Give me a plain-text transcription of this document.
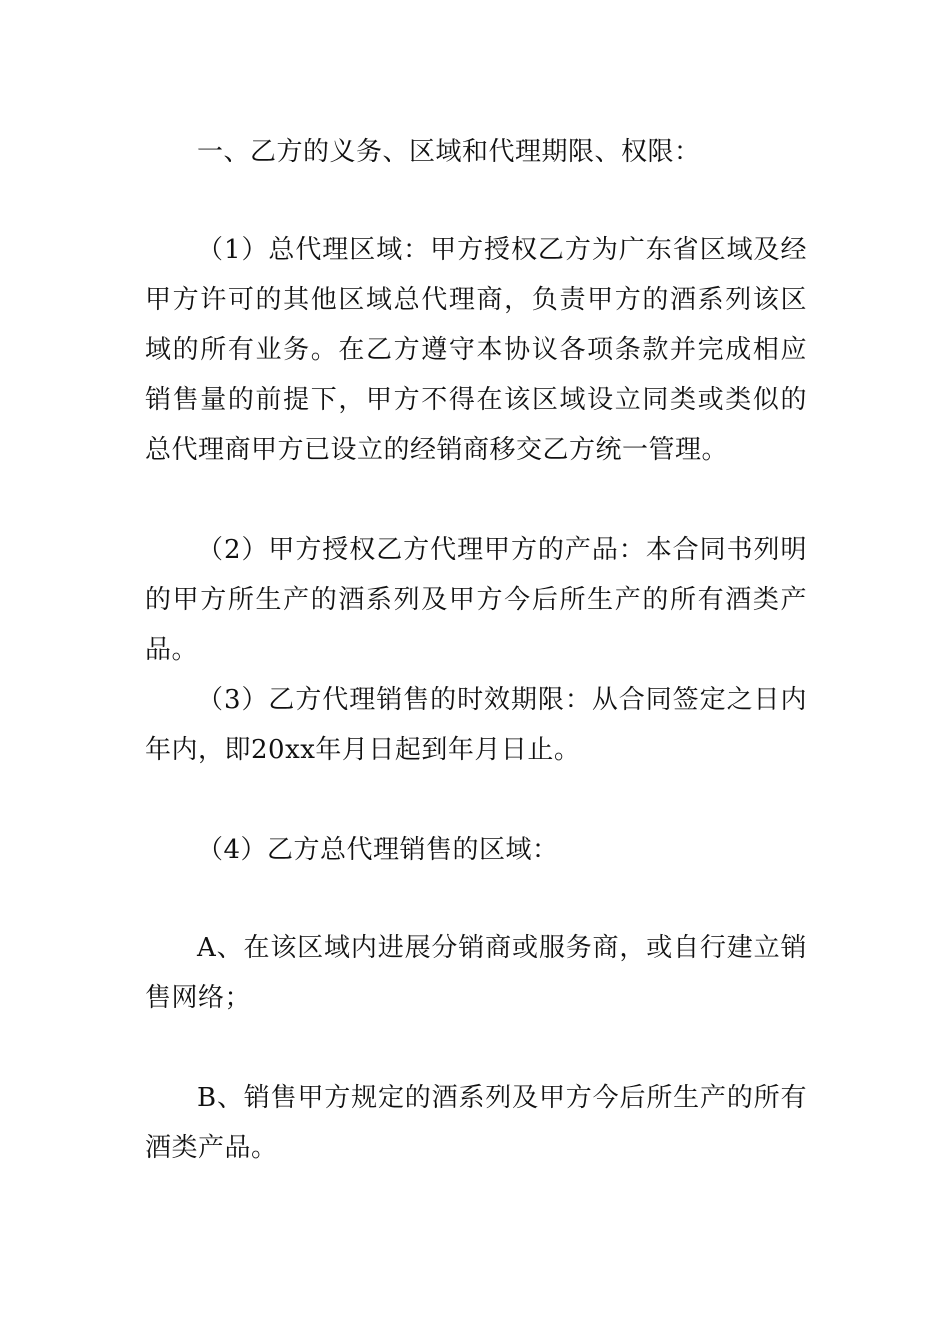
一、乙方的义务、区域和代理期限、权限：

（1）总代理区域：甲方授权乙方为广东省区域及经甲方许可的其他区域总代理商，负责甲方的酒系列该区域的所有业务。在乙方遵守本协议各项条款并完成相应销售量的前提下，甲方不得在该区域设立同类或类似的总代理商甲方已设立的经销商移交乙方统一管理。

（2）甲方授权乙方代理甲方的产品：本合同书列明的甲方所生产的酒系列及甲方今后所生产的所有酒类产品。

（3）乙方代理销售的时效期限：从合同签定之日内年内，即20xx年月日起到年月日止。

（4）乙方总代理销售的区域：

A、在该区域内进展分销商或服务商，或自行建立销售网络；

B、销售甲方规定的酒系列及甲方今后所生产的所有酒类产品。
